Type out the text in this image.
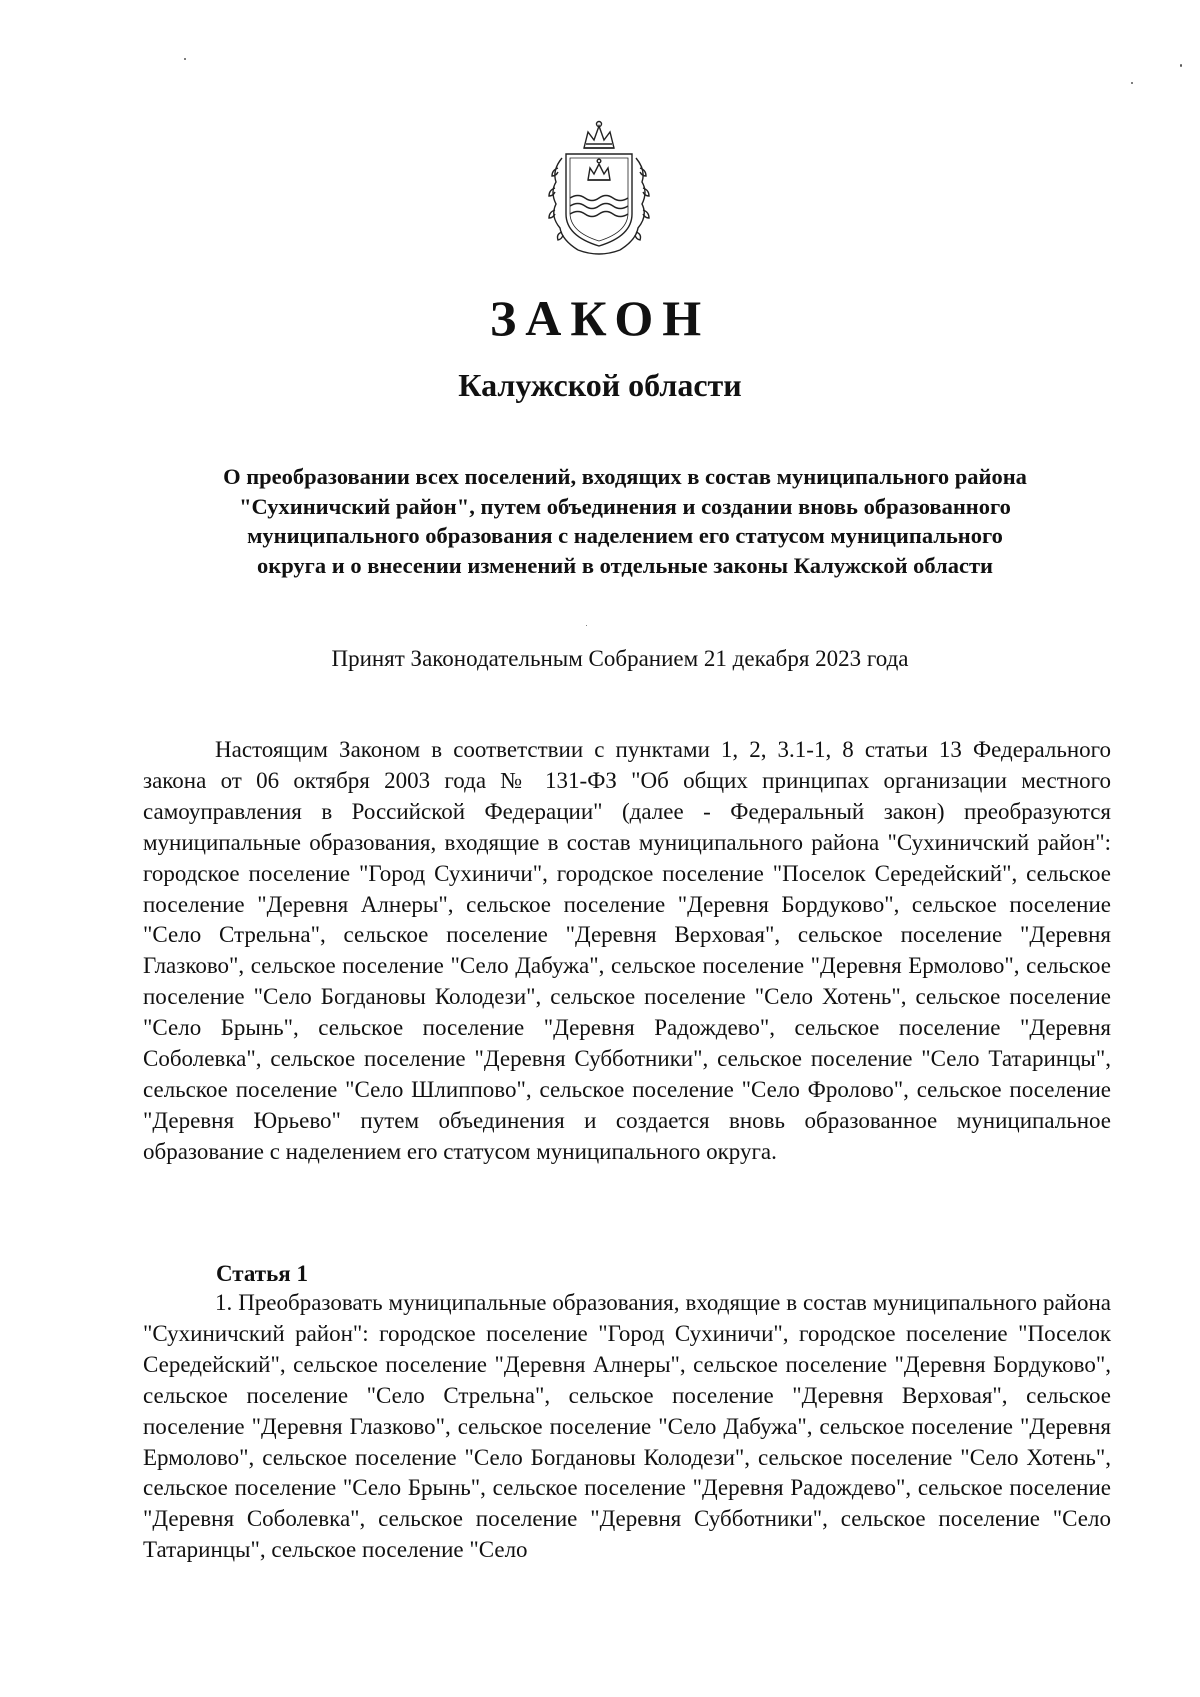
ЗАКОН
Калужской области
О преобразовании всех поселений, входящих в состав муниципального района
"Сухиничский район", путем объединения и создании вновь образованного
муниципального образования с наделением его статусом муниципального
округа и о внесении изменений в отдельные законы Калужской области
Принят Законодательным Собранием 21 декабря 2023 года
Настоящим Законом в соответствии с пунктами 1, 2, 3.1-1, 8 статьи 13 Федерального закона от 06 октября 2003 года № 131-ФЗ "Об общих принципах организации местного самоуправления в Российской Федерации" (далее - Федеральный закон) преобразуются муниципальные образования, входящие в состав муниципального района "Сухиничский район": городское поселение "Город Сухиничи", городское поселение "Поселок Середейский", сельское поселение "Деревня Алнеры", сельское поселение "Деревня Бордуково", сельское поселение "Село Стрельна", сельское поселение "Деревня Верховая", сельское поселение "Деревня Глазково", сельское поселение "Село Дабужа", сельское поселение "Деревня Ермолово", сельское поселение "Село Богдановы Колодези", сельское поселение "Село Хотень", сельское поселение "Село Брынь", сельское поселение "Деревня Радождево", сельское поселение "Деревня Соболевка", сельское поселение "Деревня Субботники", сельское поселение "Село Татаринцы", сельское поселение "Село Шлиппово", сельское поселение "Село Фролово", сельское поселение "Деревня Юрьево" путем объединения и создается вновь образованное муниципальное образование с наделением его статусом муниципального округа.
Статья 1
1. Преобразовать муниципальные образования, входящие в состав муниципального района "Сухиничский район": городское поселение "Город Сухиничи", городское поселение "Поселок Середейский", сельское поселение "Деревня Алнеры", сельское поселение "Деревня Бордуково", сельское поселение "Село Стрельна", сельское поселение "Деревня Верховая", сельское поселение "Деревня Глазково", сельское поселение "Село Дабужа", сельское поселение "Деревня Ермолово", сельское поселение "Село Богдановы Колодези", сельское поселение "Село Хотень", сельское поселение "Село Брынь", сельское поселение "Деревня Радождево", сельское поселение "Деревня Соболевка", сельское поселение "Деревня Субботники", сельское поселение "Село Татаринцы", сельское поселение "Село
